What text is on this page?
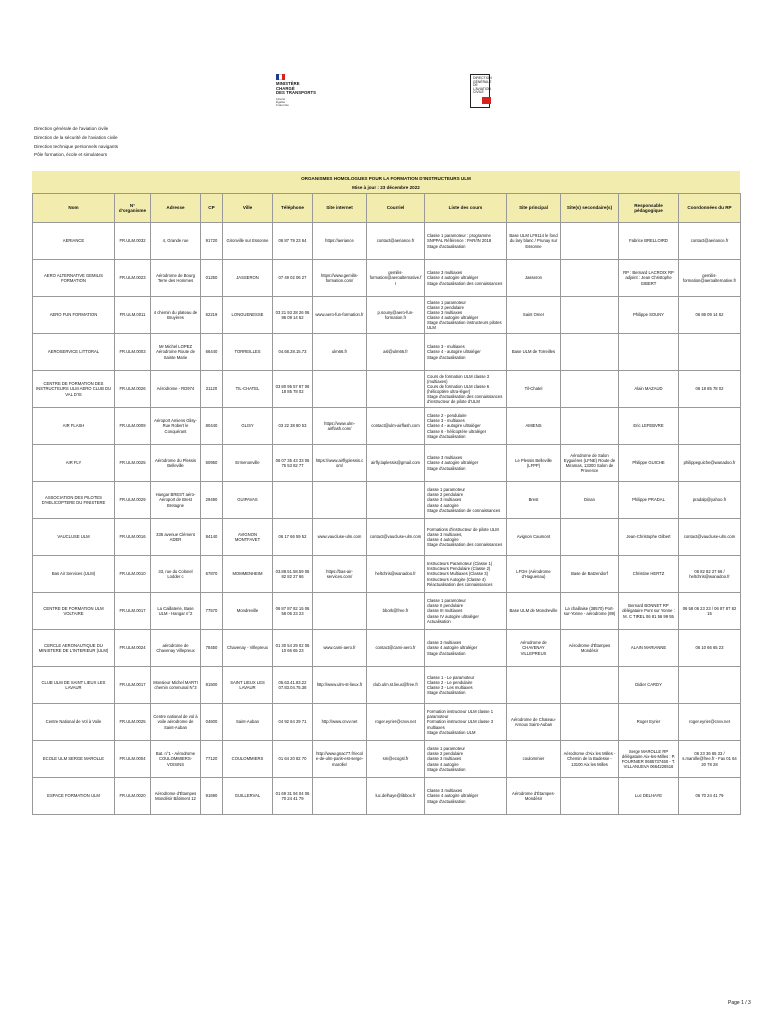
MINISTÈRE
CHARGÉ
DES TRANSPORTS
Liberté
Égalité
Fraternité
DIRECTION
GÉNÉRALE
DE L'AVIATION
CIVILE
Direction générale de l'aviation civile
Direction de la sécurité de l'aviation civile
Direction technique personnels navigants
Pôle formation, école et simulateurs
ORGANISMES HOMOLOGUES POUR LA FORMATION D'INSTRUCTEURS ULM
Mise à jour : 23 décembre 2022
Nom	N° d'organisme	Adresse	CP	Ville	Téléphone	Site internet	Courriel	Liste des cours	Site principal	Site(s) secondaire(s)	Responsable pédagogique	Coordonnées du RP
AERIANCE	FR.ULM.0032	4, Grande rue	91720	Gironville sur Essonne	06 87 79 23 64	https://aeriance	contact@aeriance.fr	Classe 1 paramoteur : programme SNPPAL Référence : PAR/IN 2018
Stage d'actualisation	Base ULM LF9114 le fond du lary blanc / Prunay sur Essonne		Fabrice BRELLOIRD	contact@aeriance.fr
AERO ALTERNATIVE GEMILIS FORMATION	FR.ULM.0023	Aérodrome de Bourg Terre des Hommes	01250	JASSERON	07 49 02 06 27	https://www.gemilis-formation.com/	gemilis-formation@aeroalternative.fr	Classe 3 multiaxes
Classe 4 autogire ultraléger
Stage d'actualisation des connaissances	Jasseron		RP : Bernard LACROIX RP adjoint : Jean Christophe GIBERT	gemilis-formation@aeroalternative.fr
AERO FUN FORMATION	FR.ULM.0011	4 chemin du plateau de Bruyères	62219	LONGUENESSE	03 21 93 28 26 06 86 09 14 62	www.aero-fun-formation.fr	p.souny@aero-fun-formation.fr	Classe 1 paramoteur
Classe 2 pendulaire
Classe 3 multiaxes
Classe 4 autogire ultraléger
Stage d'actualisation instructeurs pilotes ULM	Saint Omer		Philippe SOUNY	06 86 09 14 62
AEROSERVICE LITTORAL	FR.ULM.0003	Mr Michel LOPEZ Aérodrome Route de Sainte Marie	66440	TORREILLES	04.68.28.15.73	ulm66.fr	asl@ulm66.fr	Classe 3 - multiaxes
Classe 4 - autogire ultraléger
Stage d'actualisation	Base ULM de Torreilles			
CENTRE DE FORMATION DES INSTRUCTEURS ULM AERO CLUB DU VAL D'IS	FR.ULM.0026	Aérodrome - RD974	21120	TIL-CHATEL	03 80 95 57 87 06 18 85 78 02			Cours de formation ULM classe 3 (multiaxes)
Cours de formation ULM classe 6 (hélicoptère ultra-léger)
Stage d'actualisation des connaissances d'instructeur de pilote d'ULM	Til-Chatel		Alain MAZAUD	06 18 85 78 02
AIR FLASH	FR.ULM.0009	Aéroport Amiens Glisy-Rue Robert le Conquérant	80440	GLISY	03 22 38 80 53	https://www.ulm-airflash.com/	contact@ulm-airflash.com	Classe 2 - pendulaire
Classe 3 - multiaxes
Classe 4 - autogire ultraléger
Classe 6 - hélicoptère ultraléger
Stage d'actualisation	AMIENS		Eric LEFEBVRE	
AIR FLY	FR.ULM.0025	Aérodrome du Plessis Belleville	60950	Ermenonville	06 07 35 43 33 06 75 53 82 77	https://www.airflyplessis.com/	airfly.laplessis@gmail.com	Classe 3 multiaxes
Classe 4 autogire ultraléger
Stage d'actualisation	Le Plessis Belleville (LFPP)	Aérodrome de Salon Eyguières (LFNE) Route de Miramas, 13300 Salon de Provence	Philippe GUICHE	philippeguiche@wanadoo.fr
ASSOCIATION DES PILOTES D'HELICOPTERE DU FINISTERE	FR.ULM.0029	Hangar BREST aéro-Aéroport de Brest Bretagne	29490	GUIPAVAS				classe 1 paramoteur
classe 2 pendulaire
classe 3 multiaxes
classe 4 autogire
Stage d'actualisation de connaissances	Brest	Dinan	Philippe PRADAL	pradalp@yahoo.fr
VAUCLUSE ULM	FR.ULM.0016	335 avenue Clément ADER	84140	AVIGNON MONTFAVET	06 17 66 59 52	www.vaucluse-ulm.com	contact@vaucluse-ulm.com	Formations d'instructeur de pilote ULM classe 3 multiaxes,
classe 4 autogire
Stage d'actualisation des connaissances	Avignon Caumont		Jean-Christophe Gilbert	contact@vaucluse-ulm.com
Bas Air Services (ULM)	FR.ULM.0010	33, rue du Colonel Lodder c	67870	MOMMENHEIM	03.88.51.58.59 06 82 82 27 66	https://bas-air-services.com/	heltchris@wanadoo.fr	Instructeurs Paramoteur (Classe 1)
Instructeurs Pendulaire (Classe 2)
Instructeurs Multiaxes (Classe 3)
Instructeurs Autogire (Classe 4)
Réactualisation des connaissances	LFGH (Aérodrome d'Haguenau)	Base de Batzendorf	Christine HERTZ	06 82 82 27 66 / heltchris@wanadoo.fr
CENTRE DE FORMATION ULM VOLTAIRE	FR.ULM.0017	La Caillaterie, Base ULM - Hangar n°2	77570	Mondreville	06 87 87 82 15 06 58 06 23 23		bbork@free.fr	Classe 1 paramoteur
classe II pendulaire
classe III multiaxes
classe IV autogire ultraléger
Actualisation	Base ULM de Mondreville	La chaillaise (38570) Port-sur-Yonne - aérodrome (89)	Bernard BONNET RP délégataire Pont sur Yonne : M. C TIREL 06 81 56 99 55	06 58 06 23 23 / 06 87 87 82 15
CERCLE AERONAUTIQUE DU MINISTERE DE L'INTERIEUR (ULM)	FR.ULM.0024	aérodrome de Chavenay Villepreux	78450	Chavenay - Villepreux	01 30 54 29 02 06 10 66 65 23	www.cami-aero.fr	contact@cami-aero.fr	classe 3 multiaxes
classe 4 autogire ultraléger
Stage d'actualisation	Aérodrome de CHAVENAY VILLEPREUX	Aérodrome d'Étampes Mondésir	ALAIN MARIANNE	06 10 66 65 23
CLUB ULM DE SAINT LIEUX LES LAVAUR	FR.ULM.0017	Monsieur Michel MARTI chemin communal N°3	81500	SAINT LIEUX LES LAVAUR	05.63.41.83.22 07.83.04.75.38	http://www.ulm-st-lieux.fr	club.ulm.st.lieux@free.fr	Classe 1 - Le paramoteur
Classe 2 - Le pendulaire
Classe 3 - Les multiaxes
Stage d'actualisation			Didier CARDY	
Centre National de Vol à Voile	FR.ULM.0025	Centre national de vol à voile aérodrome de Saint-Auban	04600	Saint-Auban	04 92 64 29 71	http://www.cnvv.net	roger.eyrier@cnvv.net	Formation instructeur ULM classe 1 paramoteur
Formation instructeur ULM classe 3 multiaxes
Stage d'actualisation ULM	Aérodrome de Chateau-Arnoux Saint-Auban		Roger Eyrier	roger.eyrier@cnvv.net
ECOLE ULM SERGE MAROLLE	FR.ULM.0004	Bat. n°1 - Aérodrome COULOMMIERS-VOISINS	77120	COULOMMIERS	01 64 20 82 70	http://www.gnac77.fr/ecole-de-ulm-paris-est-serge-marolle/	sm@ecogsl.fr	classe 1 paramoteur
classe 2 pendulaire
classe 3 multiaxes
classe 4 autogire
Stage d'actualisation	coulommier	Aérodrome d'Aix les Milles - Chemin de la Badesse - 13100 Aix les Milles	Serge MAROLLE RP délégataire Aix-les-Milles : P. FOURNIER 0685737460 - T. VILLANUEVA 0664226516	06 23 36 65 33 / s.marolle@free.fr - Fax 01 64 20 78 28
ESPACE FORMATION ULM	FR.ULM.0020	Aérodrome d'Étampes Mondésir Bâtiment 12	91690	GUILLERVAL	01 69 31 94 04 06 70 24 41 79		luc.delhaye@libbox.fr	Classe 3 multiaxes
Classe 4 autogire ultraléger
Stage d'actualisation	Aérodrome d'Étampes-Mondésir		Luc DELHAYE	06 70 24 41 79
Page 1 / 3
